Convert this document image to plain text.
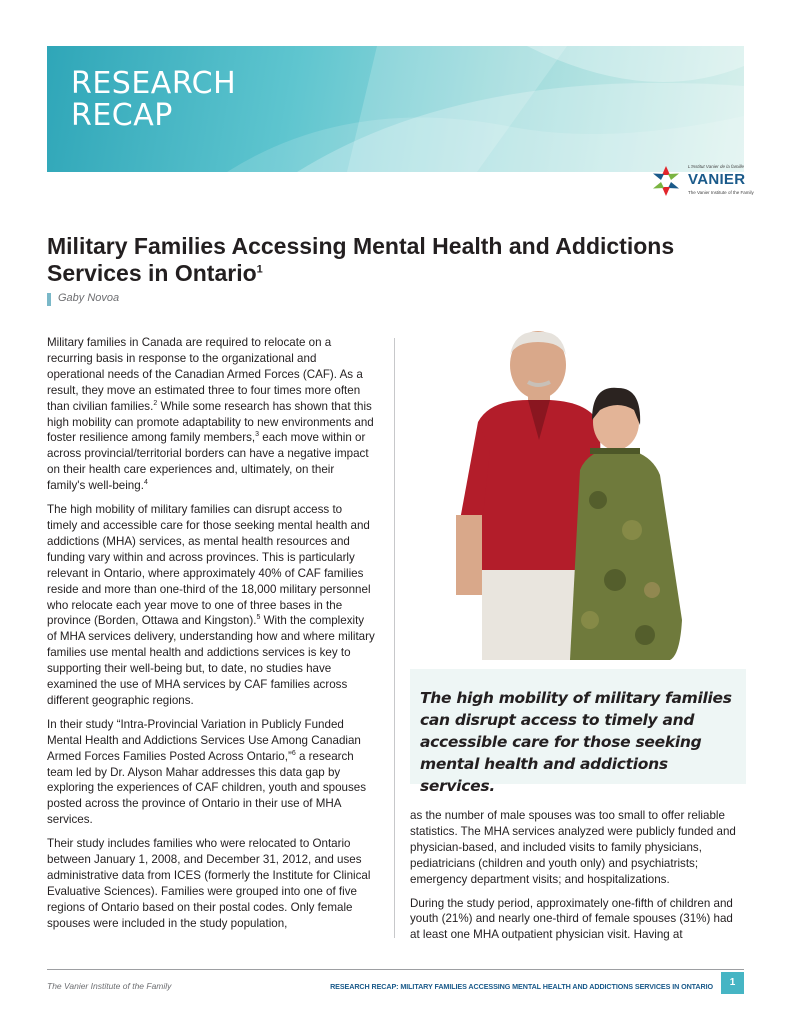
RESEARCH
RECAP
L'Institut Vanier de la famille
VANIER
The Vanier Institute of the Family
Military Families Accessing Mental Health and Addictions Services in Ontario$^1$
Gaby Novoa

Military families in Canada are required to relocate on a recurring basis in response to the organizational and operational needs of the Canadian Armed Forces (CAF). As a result, they move an estimated three to four times more often than civilian families.$^2$ While some research has shown that this high mobility can promote adaptability to new environments and foster resilience among family members,$^3$ each move within or across provincial/territorial borders can have a negative impact on their health care experiences and, ultimately, on their family's well-being.$^4$

The high mobility of military families can disrupt access to timely and accessible care for those seeking mental health and addictions (MHA) services, as mental health resources and funding vary within and across provinces. This is particularly relevant in Ontario, where approximately 40% of CAF families reside and more than one-third of the 18,000 military personnel who relocate each year move to one of three bases in the province (Borden, Ottawa and Kingston).$^5$ With the complexity of MHA services delivery, understanding how and where military families use mental health and addictions services is key to supporting their well-being but, to date, no studies have examined the use of MHA services by CAF families across different geographic regions.

In their study “Intra-Provincial Variation in Publicly Funded Mental Health and Addictions Services Use Among Canadian Armed Forces Families Posted Across Ontario,”$^6$ a research team led by Dr. Alyson Mahar addresses this data gap by exploring the experiences of CAF children, youth and spouses posted across the province of Ontario in their use of MHA services.

Their study includes families who were relocated to Ontario between January 1, 2008, and December 31, 2012, and uses administrative data from ICES (formerly the Institute for Clinical Evaluative Sciences). Families were grouped into one of five regions of Ontario based on their postal codes. Only female spouses were included in the study population,

The high mobility of military families can disrupt access to timely and accessible care for those seeking mental health and addictions services.

as the number of male spouses was too small to offer reliable statistics. The MHA services analyzed were publicly funded and physician-based, and included visits to family physicians, pediatricians (children and youth only) and psychiatrists; emergency department visits; and hospitalizations.

During the study period, approximately one-fifth of children and youth (21%) and nearly one-third of female spouses (31%) had at least one MHA outpatient physician visit. Having at

The Vanier Institute of the Family	RESEARCH RECAP: MILITARY FAMILIES ACCESSING MENTAL HEALTH AND ADDICTIONS SERVICES IN ONTARIO	1
